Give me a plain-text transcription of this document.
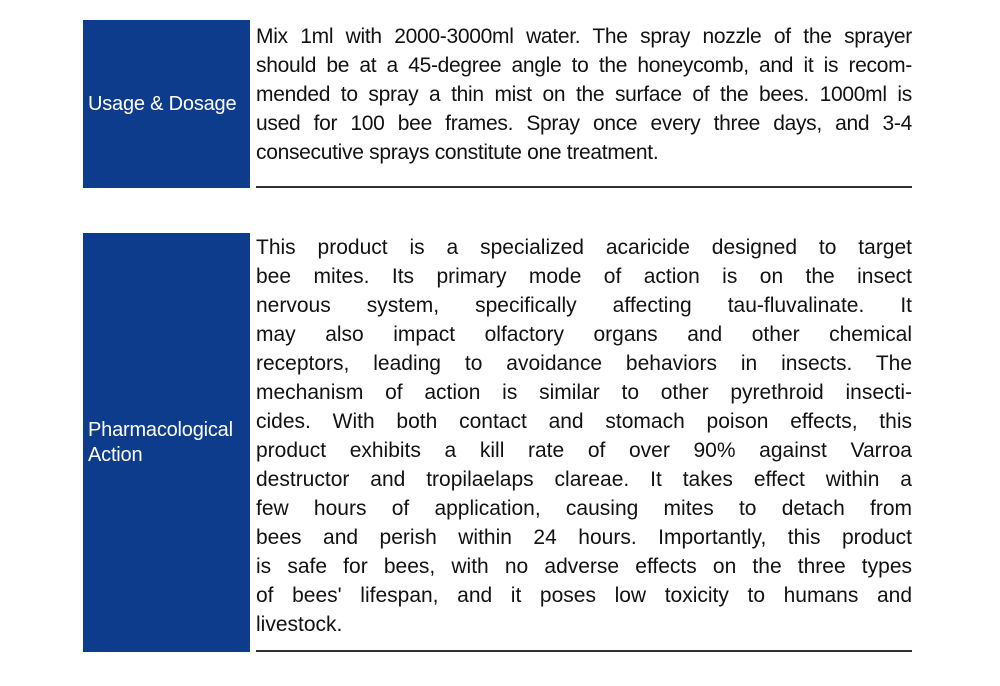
Usage & Dosage

Mix 1ml with 2000-3000ml water. The spray nozzle of the sprayer

should be at a 45-degree angle to the honeycomb, and it is recom-

mended to spray a thin mist on the surface of the bees. 1000ml is

used for 100 bee frames. Spray once every three days, and 3-4

consecutive sprays constitute one treatment.

Pharmacological Action

This product is a specialized acaricide designed to target

bee mites. Its primary mode of action is on the insect

nervous system, specifically affecting tau-fluvalinate. It

may also impact olfactory organs and other chemical

receptors, leading to avoidance behaviors in insects. The

mechanism of action is similar to other pyrethroid insecti-

cides. With both contact and stomach poison effects, this

product exhibits a kill rate of over 90% against Varroa

destructor and tropilaelaps clareae. It takes effect within a

few hours of application, causing mites to detach from

bees and perish within 24 hours. Importantly, this product

is safe for bees, with no adverse effects on the three types

of bees' lifespan, and it poses low toxicity to humans and

livestock.
